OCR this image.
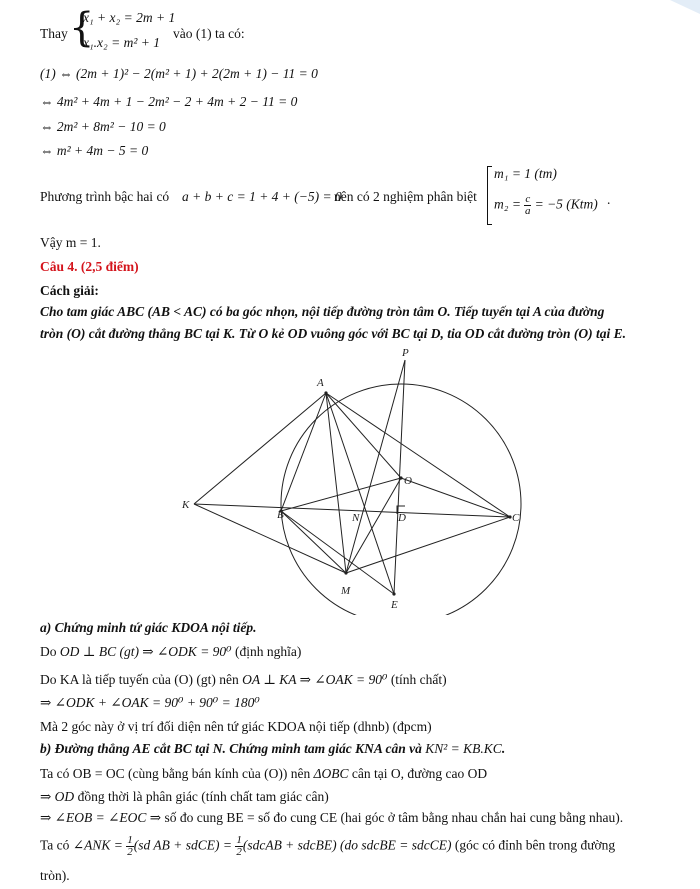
Thay {
x₁ + x₂ = 2m + 1
x₁.x₂ = m² + 1
vào (1) ta có:
(1) ⇔ (2m + 1)² − 2(m² + 1) + 2(2m + 1) − 11 = 0
⇔ 4m² + 4m + 1 − 2m² − 2 + 4m + 2 − 11 = 0
⇔ 2m² + 8m² − 10 = 0
⇔ m² + 4m − 5 = 0
Phương trình bậc hai có a + b + c = 1 + 4 + (−5) = 0
nên có 2 nghiệm phân biệt
m₁ = 1 (tm)
$m_2 = \frac{c}{a} = -5$ (Ktm) .
Vậy m = 1.
Câu 4. (2,5 điểm)
Cách giải:
Cho tam giác ABC (AB < AC) có ba góc nhọn, nội tiếp đường tròn tâm O. Tiếp tuyến tại A của đường
tròn (O) cắt đường thẳng BC tại K. Từ O kẻ OD vuông góc với BC tại D, tia OD cắt đường tròn (O) tại E.
P
A
K
B	N	D	C
O
M
E
a) Chứng minh tứ giác KDOA nội tiếp.
Do OD ⊥ BC (gt) ⇒ ∠ODK = 90⁰ (định nghĩa)
Do KA là tiếp tuyến của (O) (gt) nên OA ⊥ KA ⇒ ∠OAK = 90⁰ (tính chất)
⇒ ∠ODK + ∠OAK = 90⁰ + 90⁰ = 180⁰
Mà 2 góc này ở vị trí đối diện nên tứ giác KDOA nội tiếp (dhnb) (đpcm)
b) Đường thẳng AE cắt BC tại N. Chứng minh tam giác KNA cân và KN² = KB.KC.
Ta có OB = OC (cùng bằng bán kính của (O)) nên ΔOBC cân tại O, đường cao OD
⇒ OD đồng thời là phân giác (tính chất tam giác cân)
⇒ ∠EOB = ∠EOC ⇒ số đo cung BE = số đo cung CE (hai góc ở tâm bằng nhau chắn hai cung bằng nhau).
Ta có ∠ANK = $\frac{1}{2} (sd$ AB + sdCE) = $\frac{1}{2}$ (sdcAB + sdcBE) (do sdcBE = sdcCE) (góc có đỉnh bên trong đường
tròn).
